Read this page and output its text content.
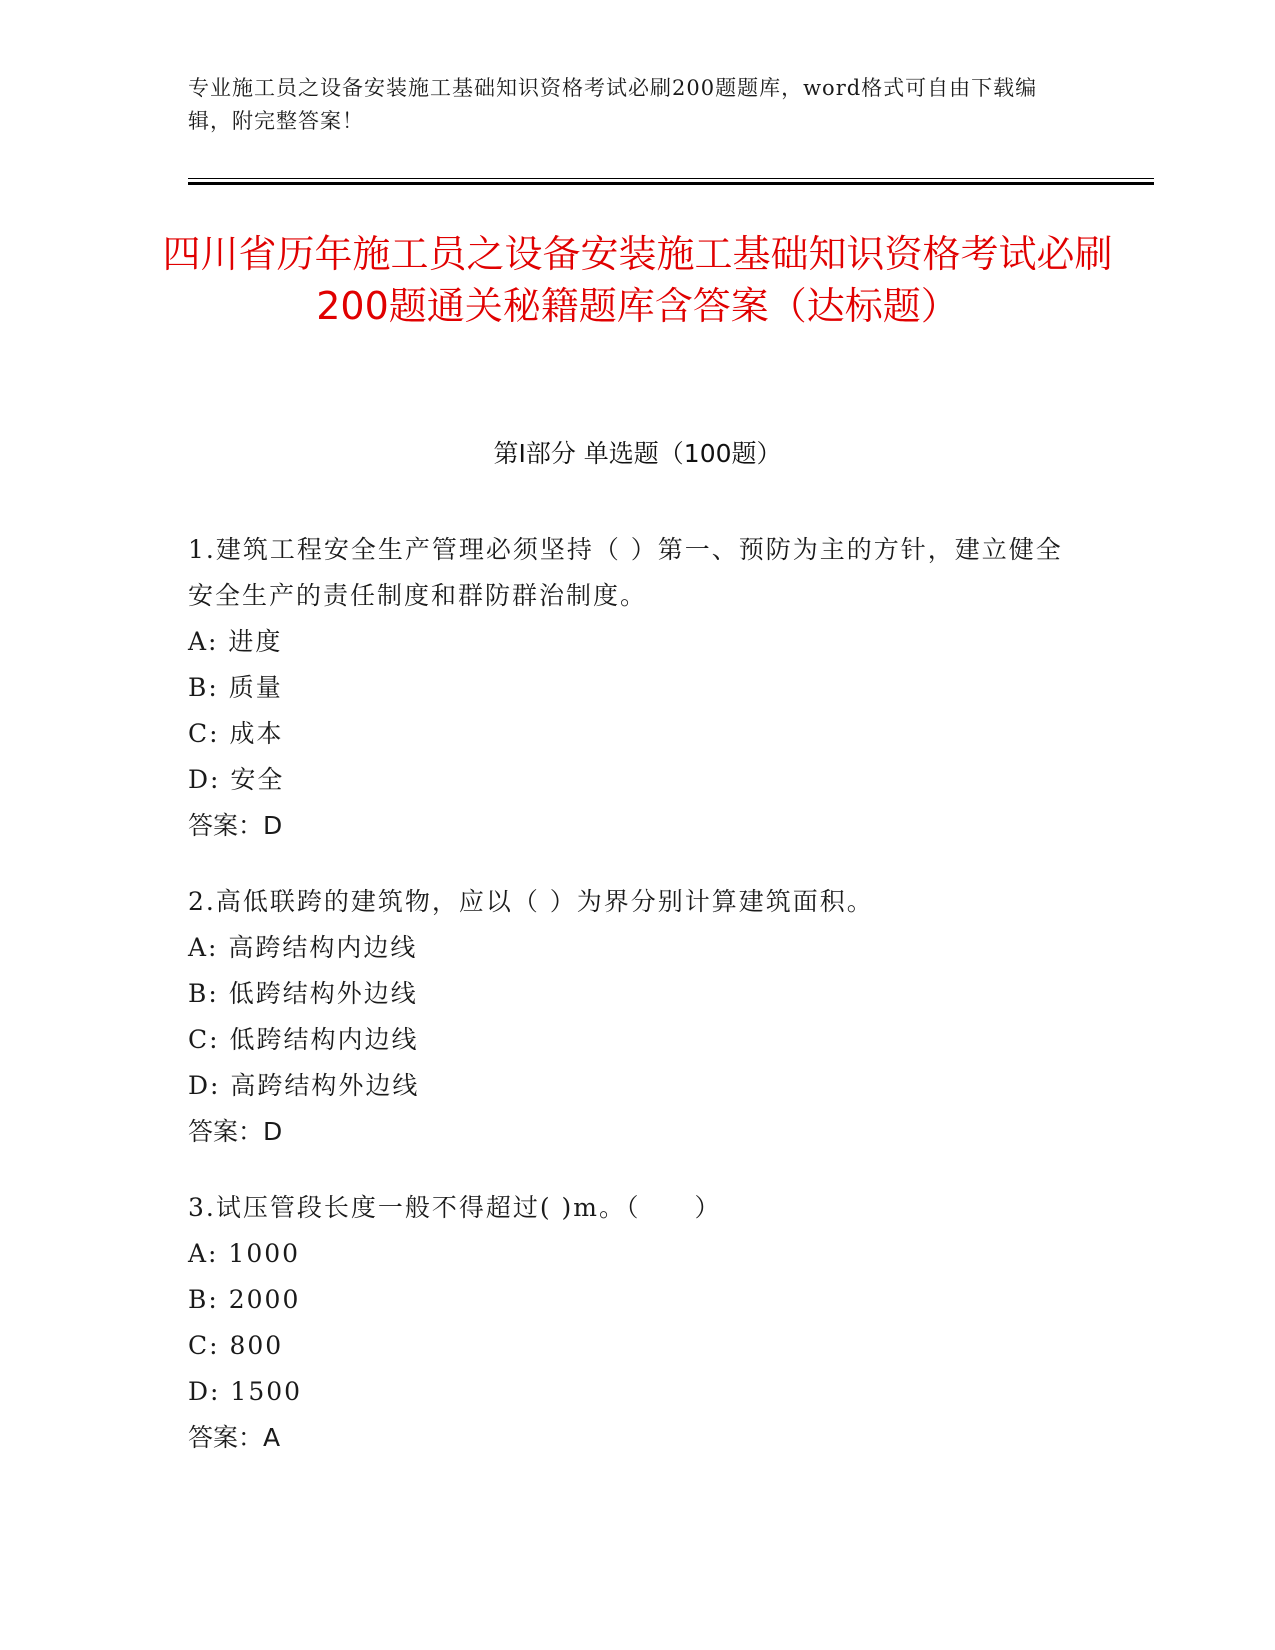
专业施工员之设备安装施工基础知识资格考试必刷200题题库，word格式可自由下载编辑，附完整答案！
四川省历年施工员之设备安装施工基础知识资格考试必刷200题通关秘籍题库含答案（达标题）
第I部分 单选题（100题）
1.建筑工程安全生产管理必须坚持（ ）第一、预防为主的方针，建立健全安全生产的责任制度和群防群治制度。
A: 进度
B: 质量
C: 成本
D: 安全
答案：D
2.高低联跨的建筑物，应以（ ）为界分别计算建筑面积。
A: 高跨结构内边线
B: 低跨结构外边线
C: 低跨结构内边线
D: 高跨结构外边线
答案：D
3.试压管段长度一般不得超过( )m。（　　）
A: 1000
B: 2000
C: 800
D: 1500
答案：A
